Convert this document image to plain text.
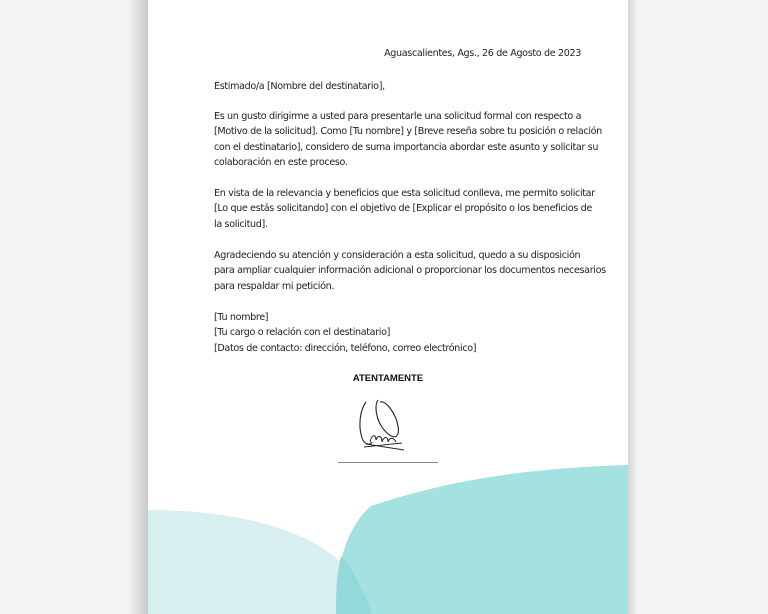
Aguascalientes, Ags., 26 de Agosto de 2023
Estimado/a [Nombre del destinatario],
Es un gusto dirigirme a usted para presentarle una solicitud formal con respecto a
[Motivo de la solicitud]. Como [Tu nombre] y [Breve reseña sobre tu posición o relación
con el destinatario], considero de suma importancia abordar este asunto y solicitar su
colaboración en este proceso.
En vista de la relevancia y beneficios que esta solicitud conlleva, me permito solicitar
[Lo que estás solicitando] con el objetivo de [Explicar el propósito o los beneficios de
la solicitud].
Agradeciendo su atención y consideración a esta solicitud, quedo a su disposición
para ampliar cualquier información adicional o proporcionar los documentos necesarios
para respaldar mi petición.
[Tu nombre]
[Tu cargo o relación con el destinatario]
[Datos de contacto: dirección, teléfono, correo electrónico]
ATENTAMENTE
